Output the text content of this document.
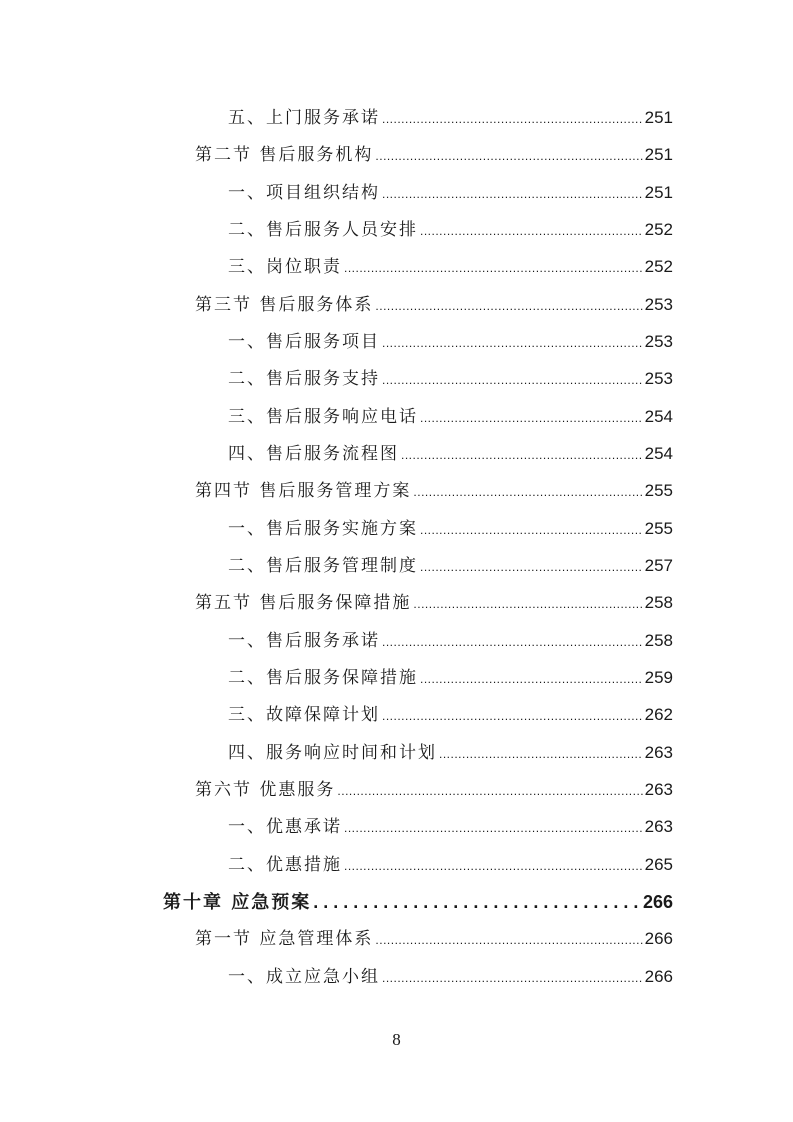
五、上门服务承诺 .....	251
第二节 售后服务机构 .....	251
一、项目组织结构 .....	251
二、售后服务人员安排 .....	252
三、岗位职责 .....	252
第三节 售后服务体系 .....	253
一、售后服务项目 .....	253
二、售后服务支持 .....	253
三、售后服务响应电话 .....	254
四、售后服务流程图 .....	254
第四节 售后服务管理方案 .....	255
一、售后服务实施方案 .....	255
二、售后服务管理制度 .....	257
第五节 售后服务保障措施 .....	258
一、售后服务承诺 .....	258
二、售后服务保障措施 .....	259
三、故障保障计划 .....	262
四、服务响应时间和计划 .....	263
第六节 优惠服务 .....	263
一、优惠承诺 .....	263
二、优惠措施 .....	265
第十章 应急预案 . . .	266
第一节 应急管理体系 .....	266
一、成立应急小组 .....	266
8
